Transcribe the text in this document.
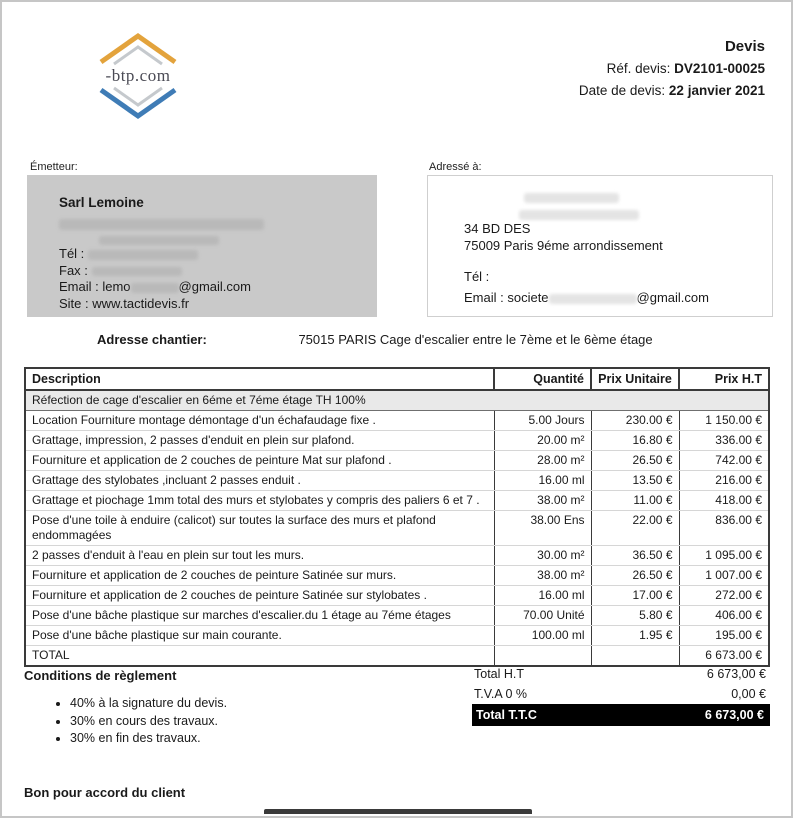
-btp.com
Devis
Réf. devis: DV2101-00025
Date de devis: 22 janvier 2021
Émetteur:
Sarl Lemoine
Tél :
Fax :
Email : lemo	@gmail.com
Site : www.tactidevis.fr
Adressé à:
34 BD DES
75009 Paris 9éme arrondissement
Tél :
Email : societe	@gmail.com
Adresse chantier:	75015 PARIS Cage d'escalier entre le 7ème et le 6ème étage
Description	Quantité	Prix Unitaire	Prix H.T
Réfection de cage d'escalier en 6éme et 7éme étage TH 100%			
Location Fourniture montage démontage d'un échafaudage fixe .	5.00 Jours	230.00 €	1 150.00 €
Grattage, impression, 2 passes d'enduit en plein sur plafond.	20.00 m²	16.80 €	336.00 €
Fourniture et application de 2 couches de peinture Mat sur plafond .	28.00 m²	26.50 €	742.00 €
Grattage des stylobates ,incluant 2 passes enduit .	16.00 ml	13.50 €	216.00 €
Grattage et piochage 1mm total des murs et stylobates y compris des paliers 6 et 7 .	38.00 m²	11.00 €	418.00 €
Pose d'une toile à enduire (calicot) sur toutes la surface des murs et plafond endommagées	38.00 Ens	22.00 €	836.00 €
2 passes d'enduit à l'eau en plein sur tout les murs.	30.00 m²	36.50 €	1 095.00 €
Fourniture et application de 2 couches de peinture Satinée sur murs.	38.00 m²	26.50 €	1 007.00 €
Fourniture et application de 2 couches de peinture Satinée sur stylobates .	16.00 ml	17.00 €	272.00 €
Pose d'une bâche plastique sur marches d'escalier.du 1 étage au 7éme étages	70.00 Unité	5.80 €	406.00 €
Pose d'une bâche plastique sur main courante.	100.00 ml	1.95 €	195.00 €
TOTAL			6 673.00 €
Conditions de règlement
• 40% à la signature du devis.
• 30% en cours des travaux.
• 30% en fin des travaux.
Total H.T	6 673,00 €
T.V.A 0 %	0,00 €
Total T.T.C	6 673,00 €
Bon pour accord du client
